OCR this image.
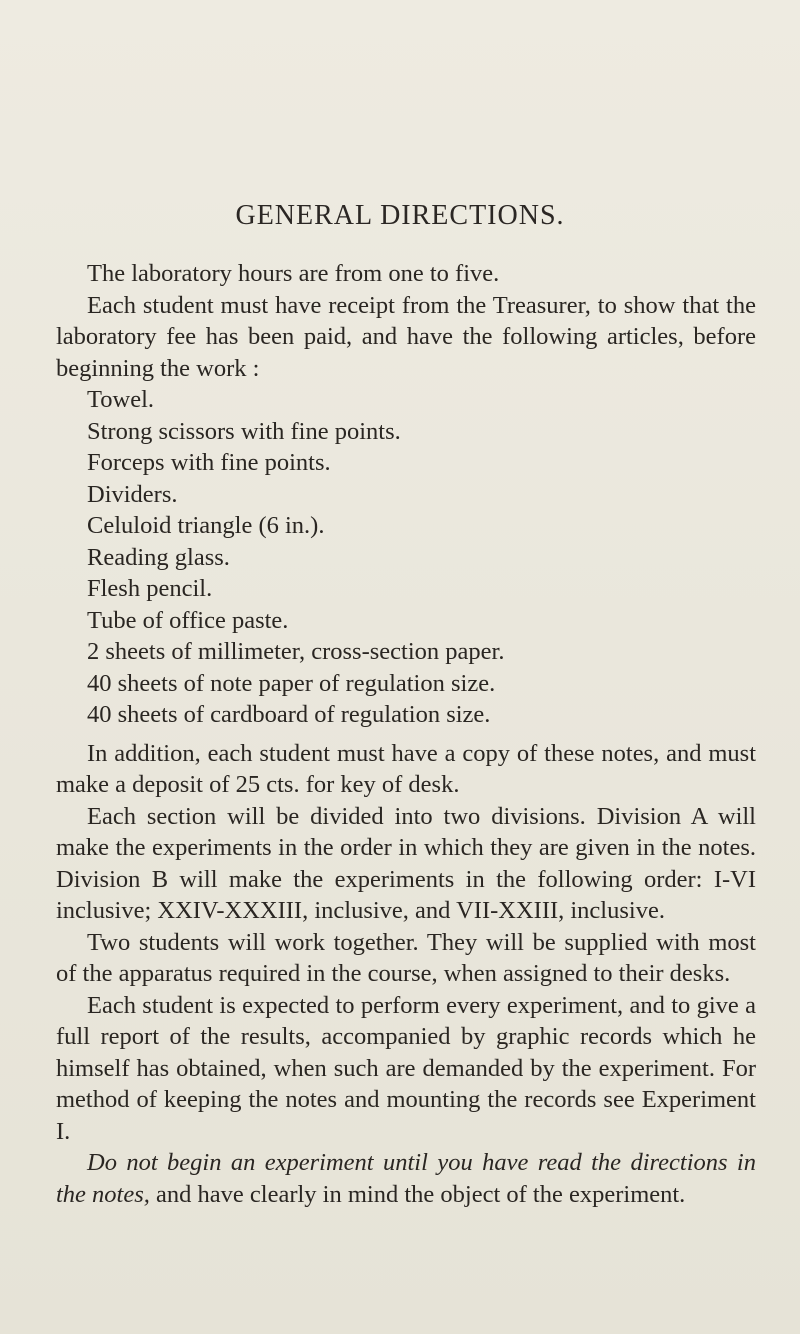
GENERAL DIRECTIONS.

The laboratory hours are from one to five.

Each student must have receipt from the Treasurer, to show that the laboratory fee has been paid, and have the following articles, before beginning the work :

Towel.
Strong scissors with fine points.
Forceps with fine points.
Dividers.
Celuloid triangle (6 in.).
Reading glass.
Flesh pencil.
Tube of office paste.
2 sheets of millimeter, cross-section paper.
40 sheets of note paper of regulation size.
40 sheets of cardboard of regulation size.

In addition, each student must have a copy of these notes, and must make a deposit of 25 cts. for key of desk.

Each section will be divided into two divisions. Division A will make the experiments in the order in which they are given in the notes. Division B will make the experiments in the following order: I-VI inclusive; XXIV-XXXIII, inclusive, and VII-XXIII, inclusive.

Two students will work together. They will be supplied with most of the apparatus required in the course, when assigned to their desks.

Each student is expected to perform every experiment, and to give a full report of the results, accompanied by graphic records which he himself has obtained, when such are demanded by the experiment. For method of keeping the notes and mounting the records see Experiment I.

Do not begin an experiment until you have read the directions in the notes, and have clearly in mind the object of the experiment.
